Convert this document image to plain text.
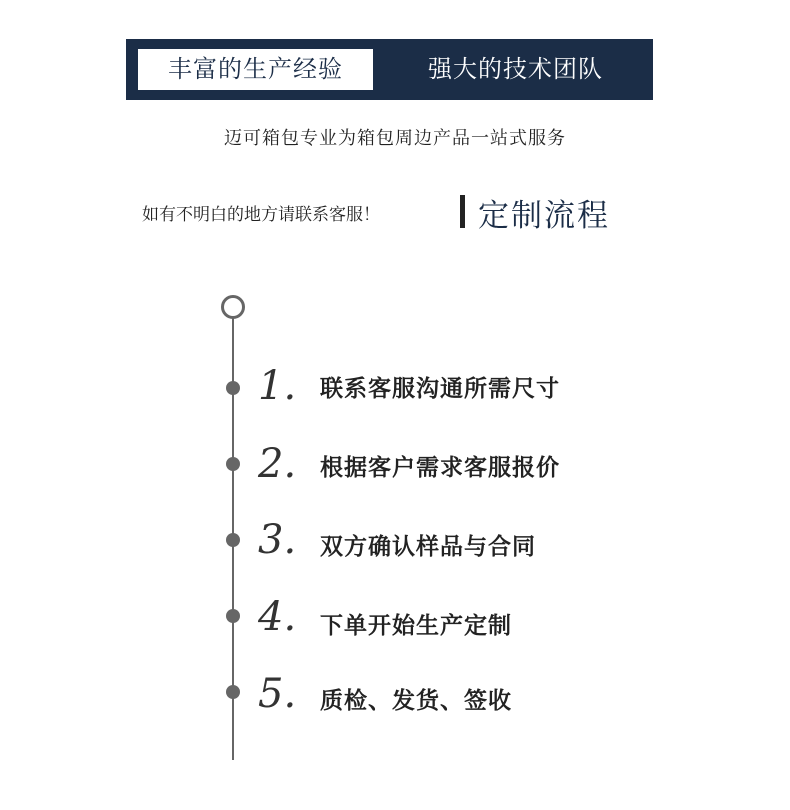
丰富的生产经验	强大的技术团队
迈可箱包专业为箱包周边产品一站式服务
如有不明白的地方请联系客服！	定制流程
1. 联系客服沟通所需尺寸
2. 根据客户需求客服报价
3. 双方确认样品与合同
4. 下单开始生产定制
5. 质检、发货、签收
